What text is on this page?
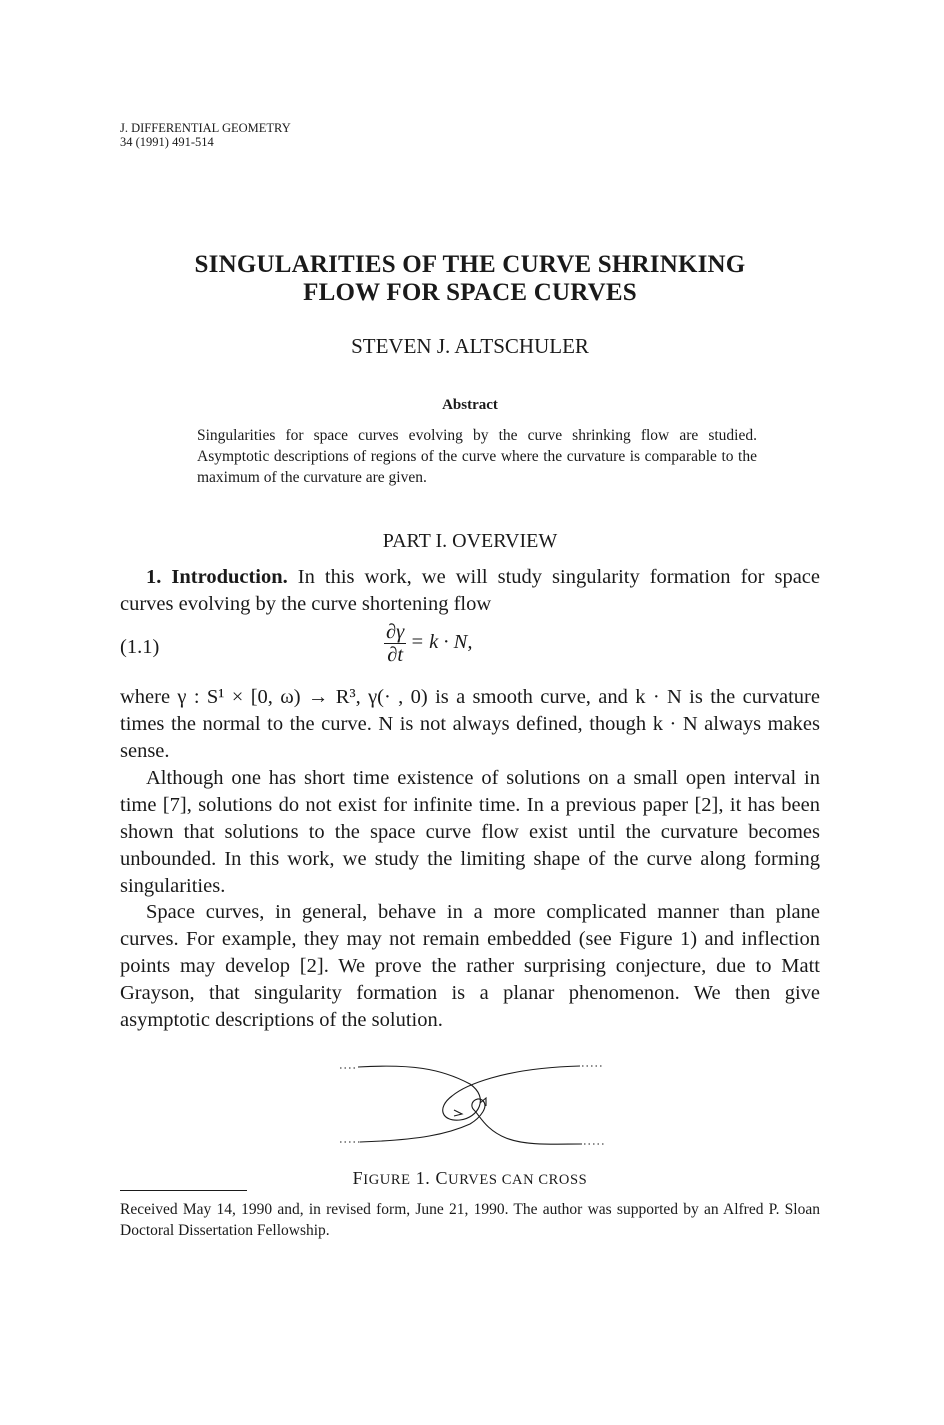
J. DIFFERENTIAL GEOMETRY
34 (1991) 491-514
SINGULARITIES OF THE CURVE SHRINKING
FLOW FOR SPACE CURVES
STEVEN J. ALTSCHULER
Abstract
Singularities for space curves evolving by the curve shrinking flow are studied. Asymptotic descriptions of regions of the curve where the curvature is comparable to the maximum of the curvature are given.
PART I. OVERVIEW

1. Introduction. In this work, we will study singularity formation for space curves evolving by the curve shortening flow

(1.1)	$\frac{\partial\gamma}{\partial t} = k \cdot N$,

where γ : S¹ × [0, ω) → R³, γ(· , 0) is a smooth curve, and k · N is the curvature times the normal to the curve. N is not always defined, though k · N always makes sense.

Although one has short time existence of solutions on a small open interval in time [7], solutions do not exist for infinite time. In a previous paper [2], it has been shown that solutions to the space curve flow exist until the curvature becomes unbounded. In this work, we study the limiting shape of the curve along forming singularities.

Space curves, in general, behave in a more complicated manner than plane curves. For example, they may not remain embedded (see Figure 1) and inflection points may develop [2]. We prove the rather surprising conjecture, due to Matt Grayson, that singularity formation is a planar phenomenon. We then give asymptotic descriptions of the solution.

FIGURE 1. CURVES CAN CROSS
Received May 14, 1990 and, in revised form, June 21, 1990. The author was supported by an Alfred P. Sloan Doctoral Dissertation Fellowship.
